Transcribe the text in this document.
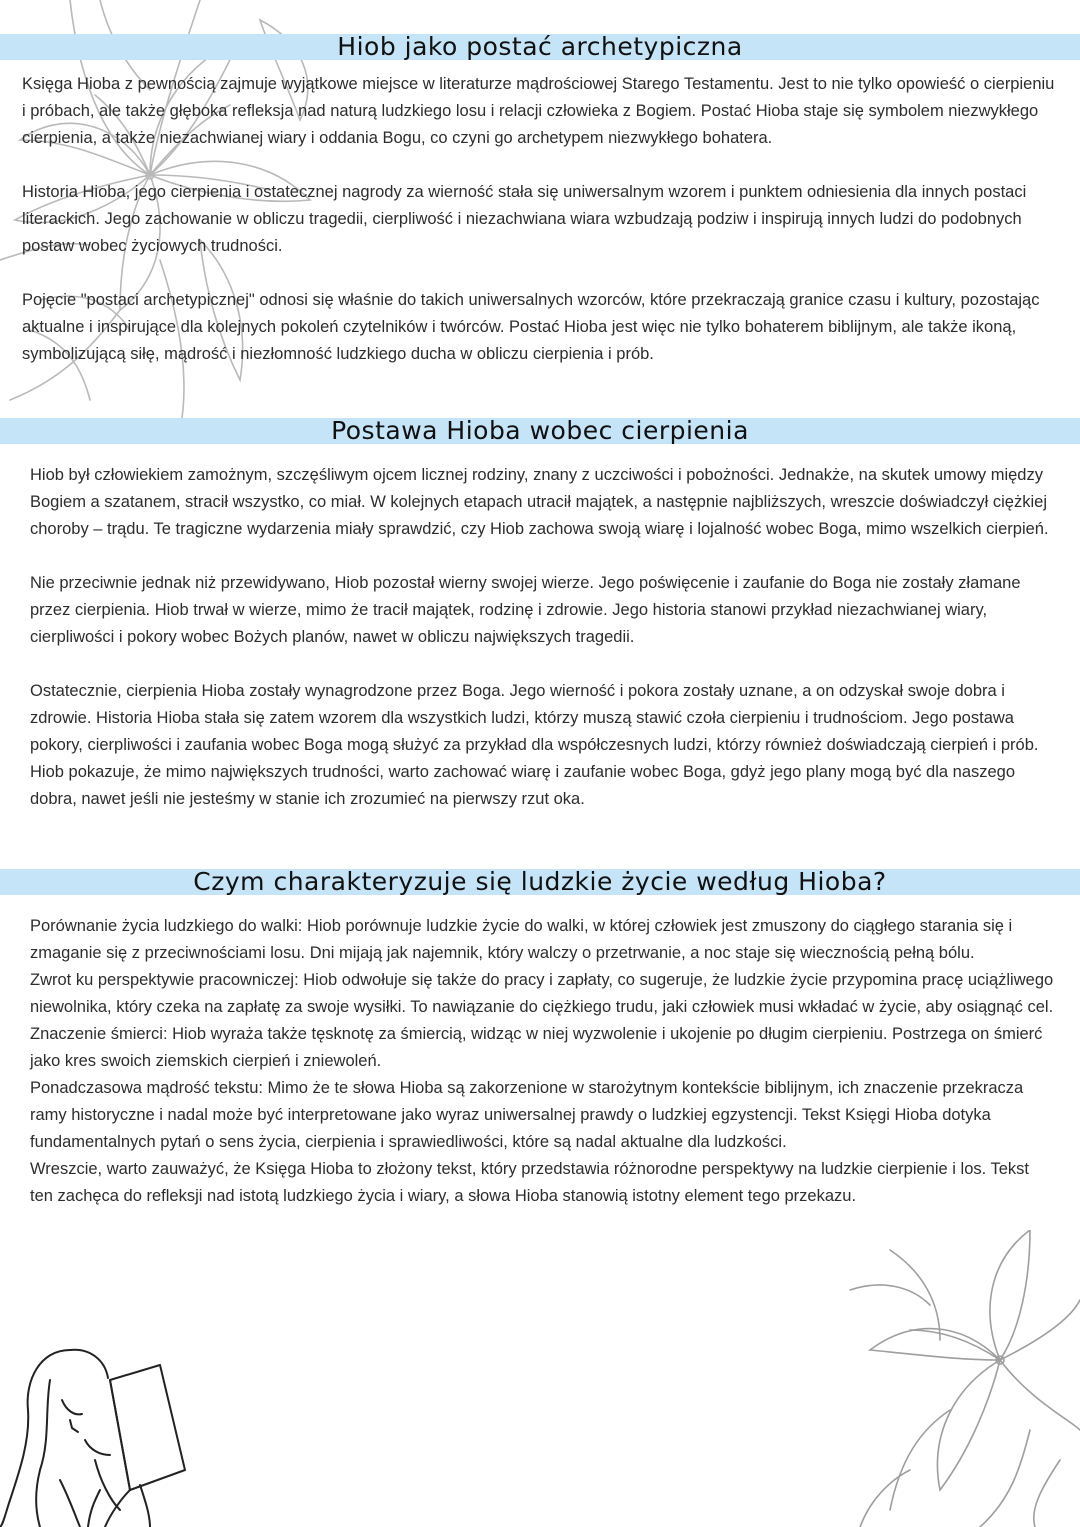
Hiob jako postać archetypiczna

Księga Hioba z pewnością zajmuje wyjątkowe miejsce w literaturze mądrościowej Starego Testamentu. Jest to nie tylko opowieść o cierpieniu i próbach, ale także głęboka refleksja nad naturą ludzkiego losu i relacji człowieka z Bogiem. Postać Hioba staje się symbolem niezwykłego cierpienia, a także niezachwianej wiary i oddania Bogu, co czyni go archetypem niezwykłego bohatera.

Historia Hioba, jego cierpienia i ostatecznej nagrody za wierność stała się uniwersalnym wzorem i punktem odniesienia dla innych postaci literackich. Jego zachowanie w obliczu tragedii, cierpliwość i niezachwiana wiara wzbudzają podziw i inspirują innych ludzi do podobnych postaw wobec życiowych trudności.

Pojęcie "postaci archetypicznej" odnosi się właśnie do takich uniwersalnych wzorców, które przekraczają granice czasu i kultury, pozostając aktualne i inspirujące dla kolejnych pokoleń czytelników i twórców. Postać Hioba jest więc nie tylko bohaterem biblijnym, ale także ikoną, symbolizującą siłę, mądrość i niezłomność ludzkiego ducha w obliczu cierpienia i prób.

Postawa Hioba wobec cierpienia

Hiob był człowiekiem zamożnym, szczęśliwym ojcem licznej rodziny, znany z uczciwości i pobożności. Jednakże, na skutek umowy między Bogiem a szatanem, stracił wszystko, co miał. W kolejnych etapach utracił majątek, a następnie najbliższych, wreszcie doświadczył ciężkiej choroby – trądu. Te tragiczne wydarzenia miały sprawdzić, czy Hiob zachowa swoją wiarę i lojalność wobec Boga, mimo wszelkich cierpień.

Nie przeciwnie jednak niż przewidywano, Hiob pozostał wierny swojej wierze. Jego poświęcenie i zaufanie do Boga nie zostały złamane przez cierpienia. Hiob trwał w wierze, mimo że tracił majątek, rodzinę i zdrowie. Jego historia stanowi przykład niezachwianej wiary, cierpliwości i pokory wobec Bożych planów, nawet w obliczu największych tragedii.

Ostatecznie, cierpienia Hioba zostały wynagrodzone przez Boga. Jego wierność i pokora zostały uznane, a on odzyskał swoje dobra i zdrowie. Historia Hioba stała się zatem wzorem dla wszystkich ludzi, którzy muszą stawić czoła cierpieniu i trudnościom. Jego postawa pokory, cierpliwości i zaufania wobec Boga mogą służyć za przykład dla współczesnych ludzi, którzy również doświadczają cierpień i prób. Hiob pokazuje, że mimo największych trudności, warto zachować wiarę i zaufanie wobec Boga, gdyż jego plany mogą być dla naszego dobra, nawet jeśli nie jesteśmy w stanie ich zrozumieć na pierwszy rzut oka.

Czym charakteryzuje się ludzkie życie według Hioba?

Porównanie życia ludzkiego do walki: Hiob porównuje ludzkie życie do walki, w której człowiek jest zmuszony do ciągłego starania się i zmaganie się z przeciwnościami losu. Dni mijają jak najemnik, który walczy o przetrwanie, a noc staje się wiecznością pełną bólu.

Zwrot ku perspektywie pracowniczej: Hiob odwołuje się także do pracy i zapłaty, co sugeruje, że ludzkie życie przypomina pracę uciążliwego niewolnika, który czeka na zapłatę za swoje wysiłki. To nawiązanie do ciężkiego trudu, jaki człowiek musi wkładać w życie, aby osiągnąć cel.

Znaczenie śmierci: Hiob wyraża także tęsknotę za śmiercią, widząc w niej wyzwolenie i ukojenie po długim cierpieniu. Postrzega on śmierć jako kres swoich ziemskich cierpień i zniewoleń.

Ponadczasowa mądrość tekstu: Mimo że te słowa Hioba są zakorzenione w starożytnym kontekście biblijnym, ich znaczenie przekracza ramy historyczne i nadal może być interpretowane jako wyraz uniwersalnej prawdy o ludzkiej egzystencji. Tekst Księgi Hioba dotyka fundamentalnych pytań o sens życia, cierpienia i sprawiedliwości, które są nadal aktualne dla ludzkości.

Wreszcie, warto zauważyć, że Księga Hioba to złożony tekst, który przedstawia różnorodne perspektywy na ludzkie cierpienie i los. Tekst ten zachęca do refleksji nad istotą ludzkiego życia i wiary, a słowa Hioba stanowią istotny element tego przekazu.
